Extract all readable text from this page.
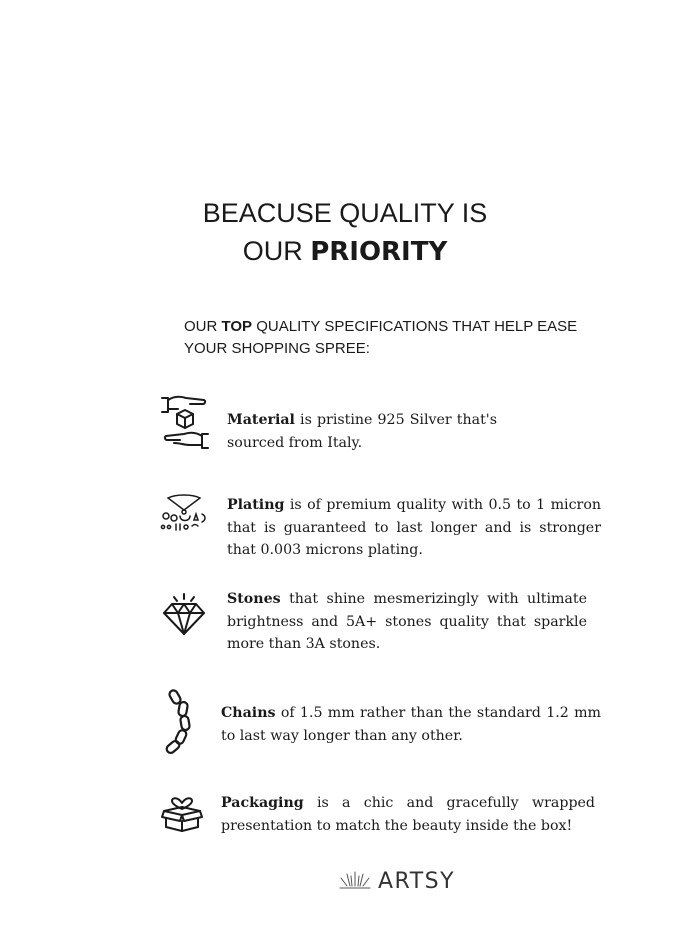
BEACUSE QUALITY IS
OUR PRIORITY
OUR TOP QUALITY SPECIFICATIONS THAT HELP EASE YOUR SHOPPING SPREE:
Material is pristine 925 Silver that's sourced from Italy.
Plating is of premium quality with 0.5 to 1 micron that is guaranteed to last longer and is stronger that 0.003 microns plating.
Stones that shine mesmerizingly with ultimate brightness and 5A+ stones quality that sparkle more than 3A stones.
Chains of 1.5 mm rather than the standard 1.2 mm to last way longer than any other.
Packaging is a chic and gracefully wrapped presentation to match the beauty inside the box!
ARTSY
